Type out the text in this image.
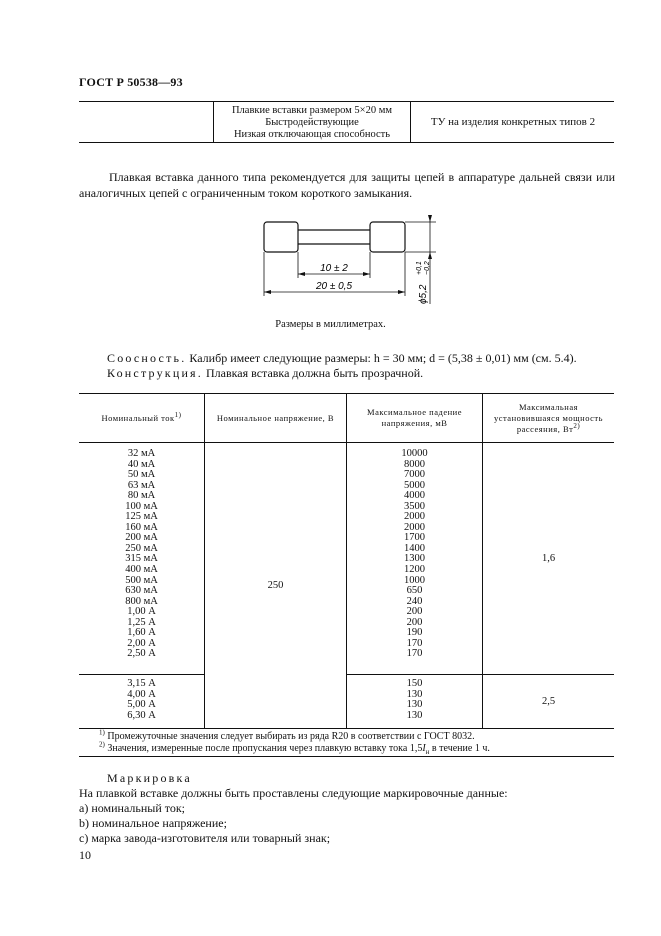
ГОСТ Р 50538—93
Плавкие вставки размером 5×20 мм
Быстродействующие
Низкая отключающая способность
ТУ на изделия конкретных типов 2
Плавкая вставка данного типа рекомендуется для защиты цепей в аппаратуре дальней связи или аналогичных цепей с ограниченным током короткого замыкания.
10 ± 2
20 ± 0,5	ϕ5,2
+0,1 −0,2
Размеры в миллиметрах.
Соосность. Калибр имеет следующие размеры: h = 30 мм; d = (5,38 ± 0,01) мм (см. 5.4).
Конструкция. Плавкая вставка должна быть прозрачной.
Номинальный ток$^{1)}$	Номинальное напряжение, В
Максимальное падение напряжения, мВ
Максимальная установившаяся мощность рассеяния, $Вт^{2)}$
32 мА
40 мА
50 мА
63 мА
80 мА
100 мА
125 мА
160 мА
200 мА
250 мА
315 мА
400 мА
500 мА
630 мА
800 мА
1,00 А
1,25 А
1,60 А
2,00 А
2,50 А
10000
8000
7000
5000
4000
3500
2000
2000
1700
1400
1300
1200
1000
650
240
200
200
190
170
170
1,6
250
3,15 А
4,00 А
5,00 А
6,30 А
150
130
130
130
2,5
$^{1)}$ Промежуточные значения следует выбирать из ряда R20 в соответствии с ГОСТ 8032.
$^{2)}$ Значения, измеренные после пропускания через плавкую вставку тока $1,5I_н$ в течение 1 ч.
Маркировка
На плавкой вставке должны быть проставлены следующие маркировочные данные:
а) номинальный ток;
b) номинальное напряжение;
с) марка завода-изготовителя или товарный знак;
10
